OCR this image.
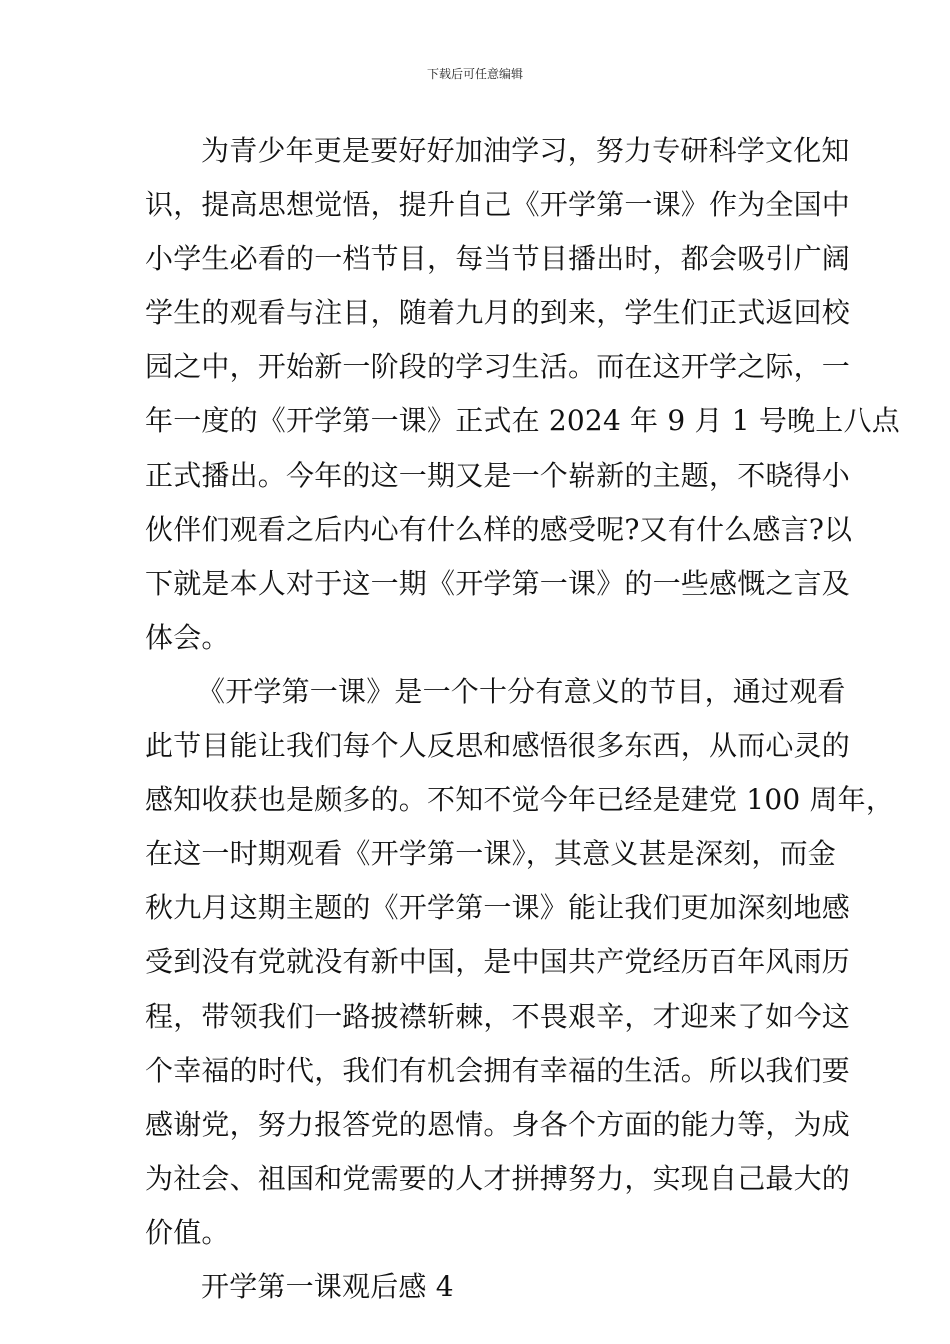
下载后可任意编辑
为青少年更是要好好加油学习，努力专研科学文化知
识，提高思想觉悟，提升自己《开学第一课》作为全国中
小学生必看的一档节目，每当节目播出时，都会吸引广阔
学生的观看与注目，随着九月的到来，学生们正式返回校
园之中，开始新一阶段的学习生活。而在这开学之际，一
年一度的《开学第一课》正式在 2024 年 9 月 1 号晚上八点
正式播出。今年的这一期又是一个崭新的主题，不晓得小
伙伴们观看之后内心有什么样的感受呢?又有什么感言?以
下就是本人对于这一期《开学第一课》的一些感慨之言及
体会。
《开学第一课》是一个十分有意义的节目，通过观看
此节目能让我们每个人反思和感悟很多东西，从而心灵的
感知收获也是颇多的。不知不觉今年已经是建党 100 周年，
在这一时期观看《开学第一课》，其意义甚是深刻，而金
秋九月这期主题的《开学第一课》能让我们更加深刻地感
受到没有党就没有新中国，是中国共产党经历百年风雨历
程，带领我们一路披襟斩棘，不畏艰辛，才迎来了如今这
个幸福的时代，我们有机会拥有幸福的生活。所以我们要
感谢党，努力报答党的恩情。身各个方面的能力等，为成
为社会、祖国和党需要的人才拼搏努力，实现自己最大的
价值。
开学第一课观后感 4
